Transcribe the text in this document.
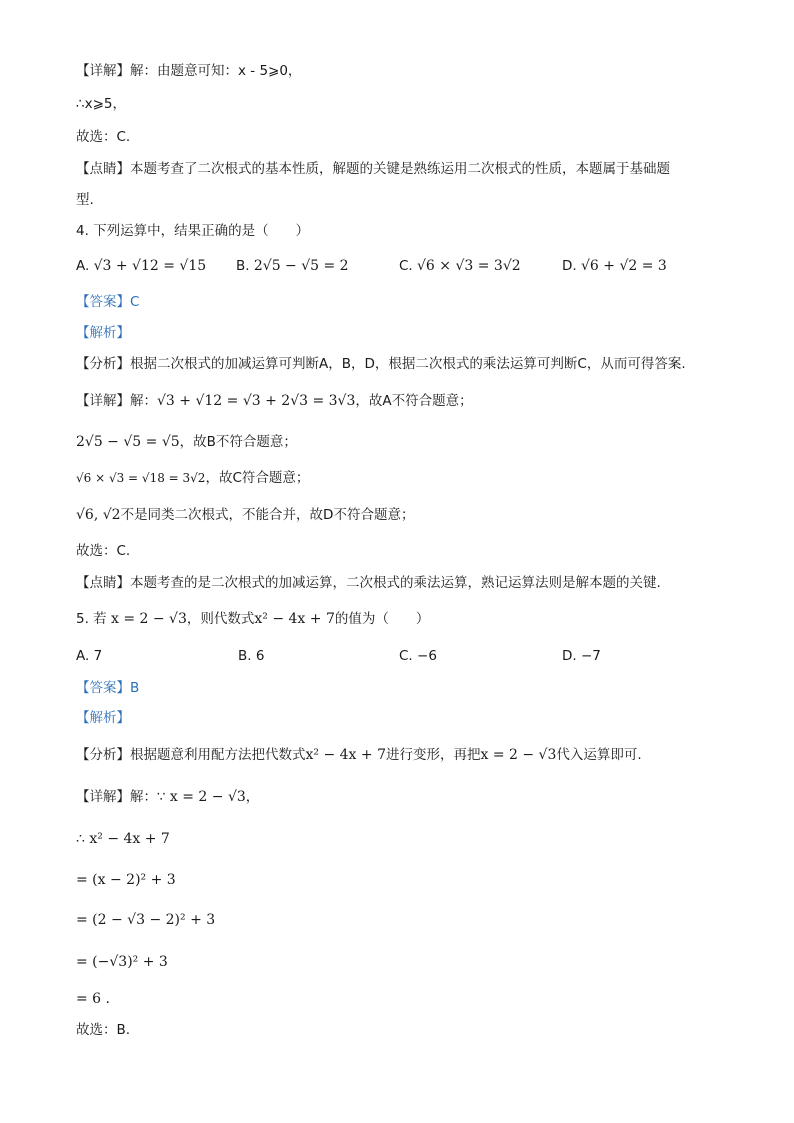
【详解】解：由题意可知：x - 5⩾0，
∴x⩾5，
故选：C.
【点睛】本题考查了二次根式的基本性质，解题的关键是熟练运用二次根式的性质，本题属于基础题
型.
4. 下列运算中，结果正确的是（　　）
A. √3 + √12 = √15 B. 2√5 − √5 = 2	C. √6 × √3 = 3√2	D. √6 + √2 = 3
【答案】C
【解析】
【分析】根据二次根式的加减运算可判断A，B，D，根据二次根式的乘法运算可判断C，从而可得答案.
【详解】解：√3 + √12 = √3 + 2√3 = 3√3，故A不符合题意；
2√5 − √5 = √5，故B不符合题意；
√6 × √3 = √18 = 3√2，故C符合题意；
√6, √2不是同类二次根式，不能合并，故D不符合题意；
故选：C.
【点睛】本题考查的是二次根式的加减运算，二次根式的乘法运算，熟记运算法则是解本题的关键.
5. 若 x = 2 − √3，则代数式x² − 4x + 7的值为（　　）
A. 7	B. 6	C. −6	D. −7
【答案】B
【解析】
【分析】根据题意利用配方法把代数式x² − 4x + 7进行变形，再把x = 2 − √3代入运算即可.
【详解】解：∵ x = 2 − √3，
∴ x² − 4x + 7
= (x − 2)² + 3
= (2 − √3 − 2)² + 3
= (−√3)² + 3
= 6 .
故选：B.
